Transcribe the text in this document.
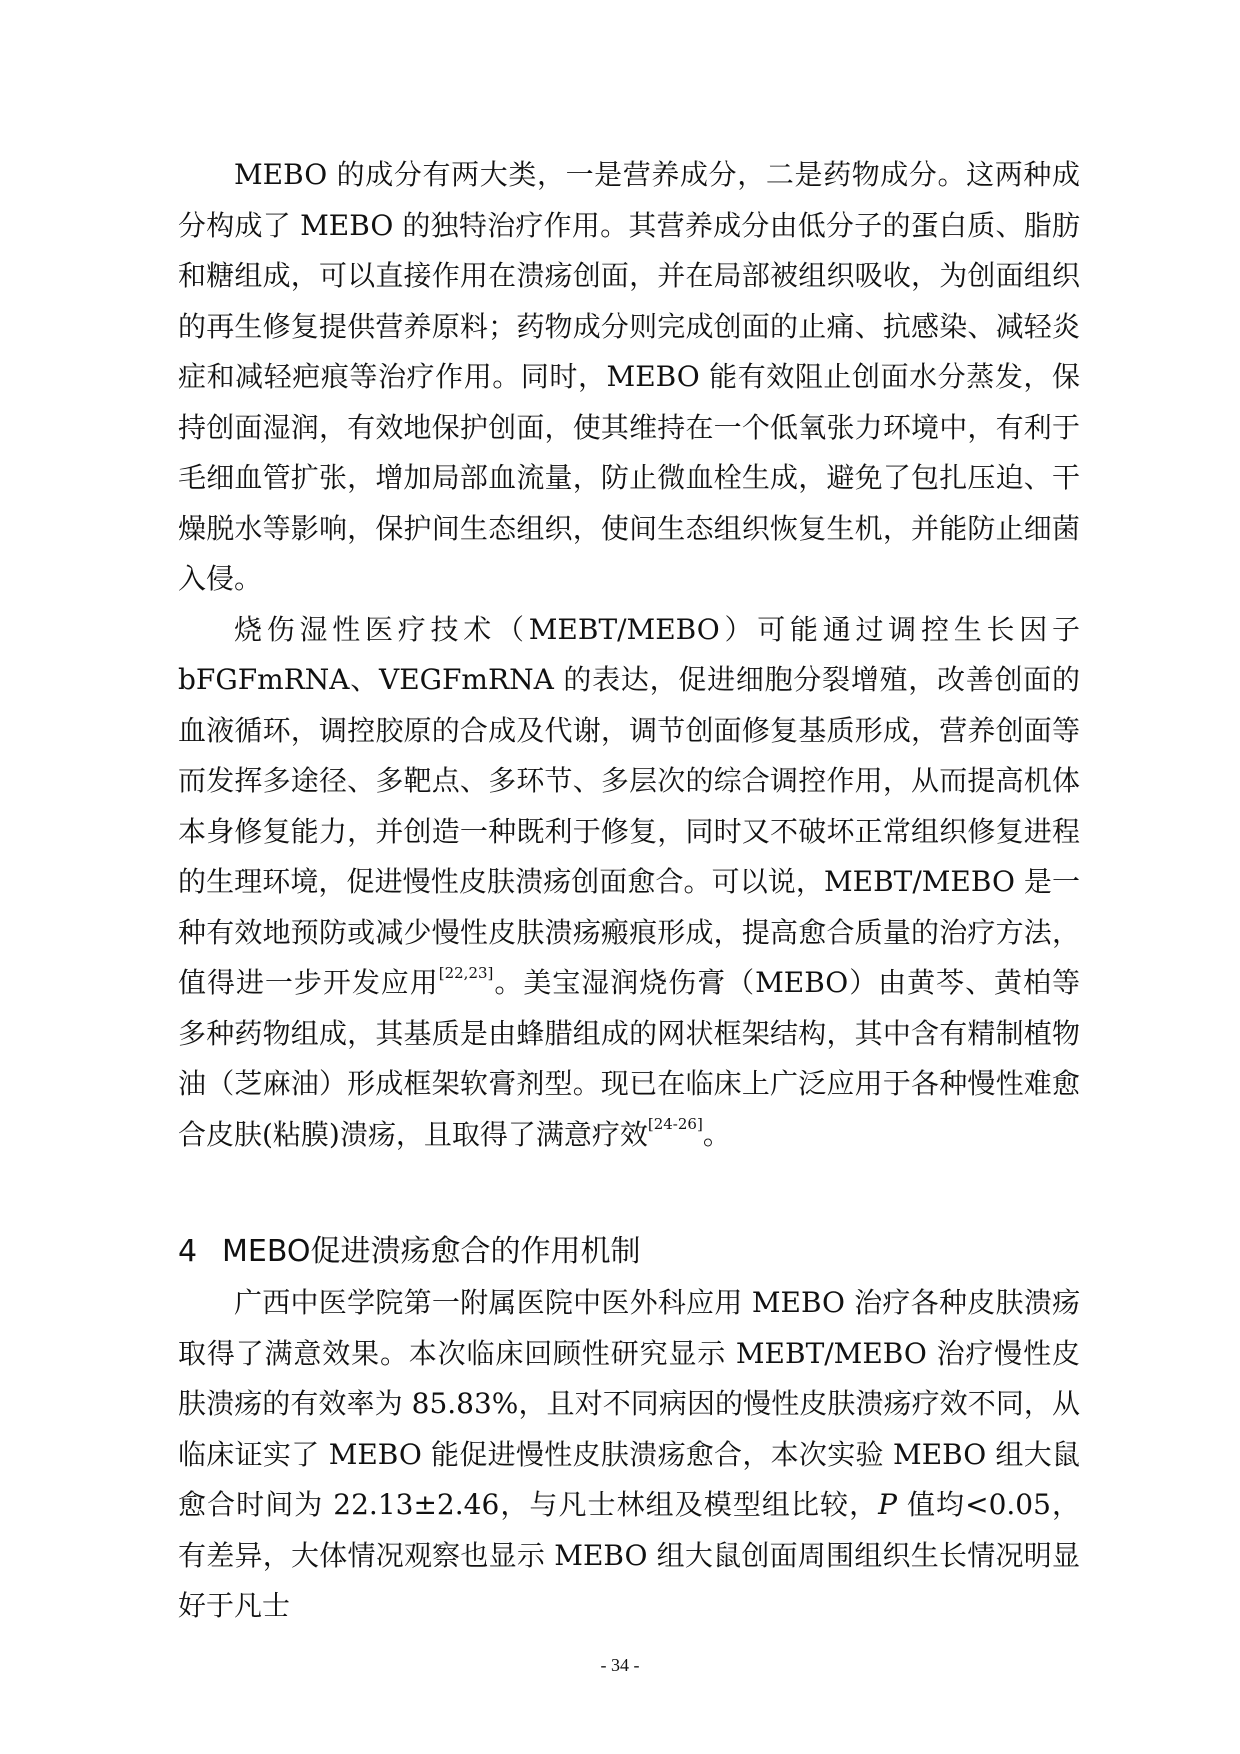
MEBO 的成分有两大类，一是营养成分，二是药物成分。这两种成分构成了 MEBO 的独特治疗作用。其营养成分由低分子的蛋白质、脂肪和糖组成，可以直接作用在溃疡创面，并在局部被组织吸收，为创面组织的再生修复提供营养原料；药物成分则完成创面的止痛、抗感染、减轻炎症和减轻疤痕等治疗作用。同时，MEBO 能有效阻止创面水分蒸发，保持创面湿润，有效地保护创面，使其维持在一个低氧张力环境中，有利于毛细血管扩张，增加局部血流量，防止微血栓生成，避免了包扎压迫、干燥脱水等影响，保护间生态组织，使间生态组织恢复生机，并能防止细菌入侵。

烧伤湿性医疗技术（MEBT/MEBO）可能通过调控生长因子 bFGFmRNA、VEGFmRNA 的表达，促进细胞分裂增殖，改善创面的血液循环，调控胶原的合成及代谢，调节创面修复基质形成，营养创面等而发挥多途径、多靶点、多环节、多层次的综合调控作用，从而提高机体本身修复能力，并创造一种既利于修复，同时又不破坏正常组织修复进程的生理环境，促进慢性皮肤溃疡创面愈合。可以说，MEBT/MEBO 是一种有效地预防或减少慢性皮肤溃疡瘢痕形成，提高愈合质量的治疗方法，值得进一步开发应用[22,23]。美宝湿润烧伤膏（MEBO）由黄芩、黄柏等多种药物组成，其基质是由蜂腊组成的网状框架结构，其中含有精制植物油（芝麻油）形成框架软膏剂型。现已在临床上广泛应用于各种慢性难愈合皮肤(粘膜)溃疡，且取得了满意疗效[24-26]。

4 MEBO促进溃疡愈合的作用机制

广西中医学院第一附属医院中医外科应用 MEBO 治疗各种皮肤溃疡取得了满意效果。本次临床回顾性研究显示 MEBT/MEBO 治疗慢性皮肤溃疡的有效率为 85.83%，且对不同病因的慢性皮肤溃疡疗效不同，从临床证实了 MEBO 能促进慢性皮肤溃疡愈合，本次实验 MEBO 组大鼠愈合时间为 22.13±2.46，与凡士林组及模型组比较，P 值均<0.05，有差异，大体情况观察也显示 MEBO 组大鼠创面周围组织生长情况明显好于凡士

- 34 -
